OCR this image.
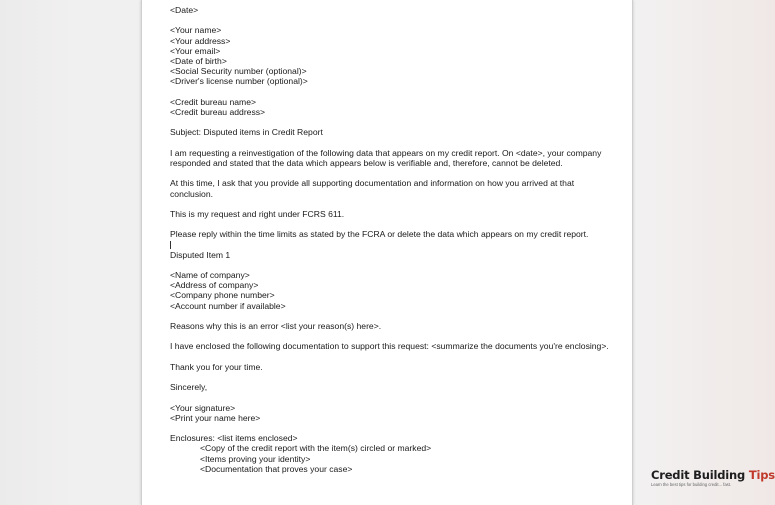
<Date>
<Your name>
<Your address>
<Your email>
<Date of birth>
<Social Security number (optional)>
<Driver's license number (optional)>
<Credit bureau name>
<Credit bureau address>
Subject: Disputed items in Credit Report
I am requesting a reinvestigation of the following data that appears on my credit report. On <date>, your company responded and stated that the data which appears below is verifiable and, therefore, cannot be deleted.
At this time, I ask that you provide all supporting documentation and information on how you arrived at that conclusion.
This is my request and right under FCRS 611.
Please reply within the time limits as stated by the FCRA or delete the data which appears on my credit report.
Disputed Item 1
<Name of company>
<Address of company>
<Company phone number>
<Account number if available>
Reasons why this is an error <list your reason(s) here>.
I have enclosed the following documentation to support this request: <summarize the documents you're enclosing>.
Thank you for your time.
Sincerely,
<Your signature>
<Print your name here>
Enclosures: <list items enclosed>
<Copy of the credit report with the item(s) circled or marked>
<Items proving your identity>
<Documentation that proves your case>	Credit Building Tips
Learn the best tips for building credit... fast.
